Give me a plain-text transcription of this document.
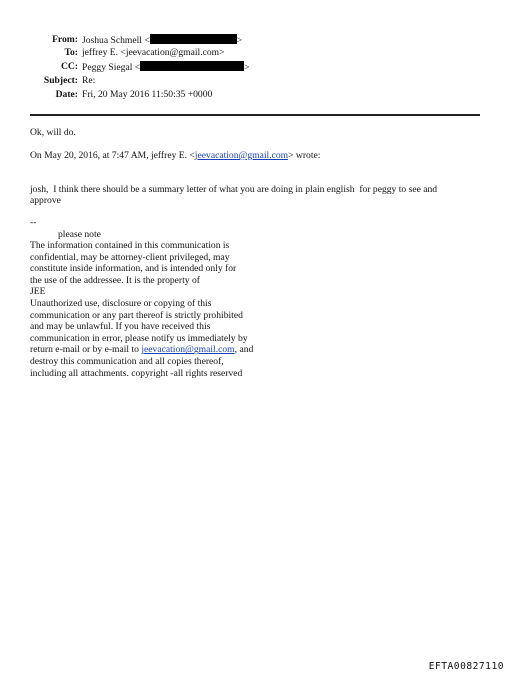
From: Joshua Schmell <	>
To: jeffrey E. <jeevacation@gmail.com>
CC: Peggy Siegal <	>
Subject: Re:
Date: Fri, 20 May 2016 11:50:35 +0000
Ok, will do.
On May 20, 2016, at 7:47 AM, jeffrey E. <jeevacation@gmail.com> wrote:
josh,  I think there should be a summary letter of what you are doing in plain english  for peggy to see and
approve
--
please note
The information contained in this communication is
confidential, may be attorney-client privileged, may
constitute inside information, and is intended only for
the use of the addressee. It is the property of
JEE
Unauthorized use, disclosure or copying of this
communication or any part thereof is strictly prohibited
and may be unlawful. If you have received this
communication in error, please notify us immediately by
return e-mail or by e-mail to jeevacation@gmail.com, and
destroy this communication and all copies thereof,
including all attachments. copyright -all rights reserved
EFTA00827110
